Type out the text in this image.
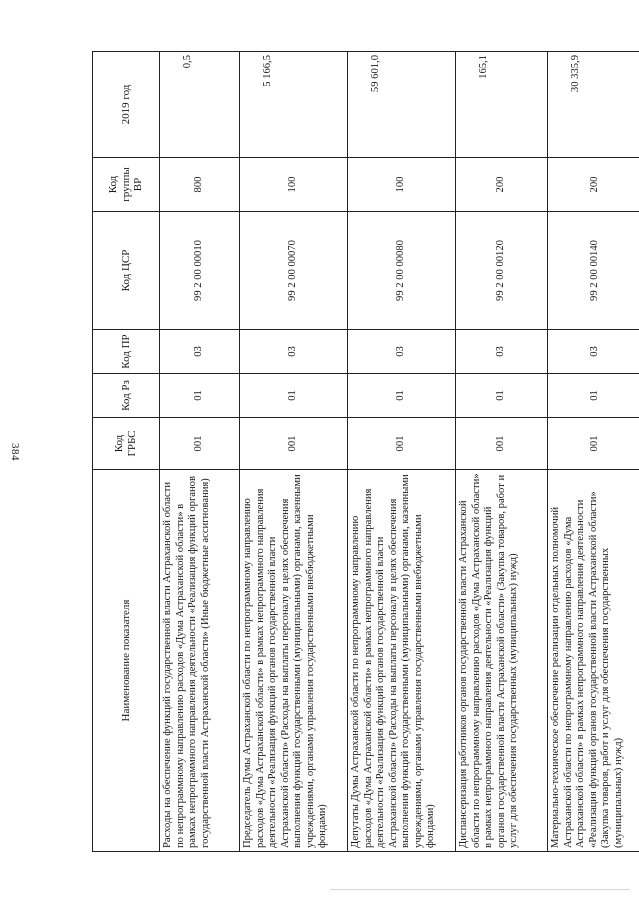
384
Наименование показателя	Код ГРБС	Код Рз	Код ПР	Код ЦСР	Код группы ВР	2019 год
Расходы на обеспечение функций государственной власти Астраханской области по непрограммному направлению расходов «Дума Астраханской области» в рамках непрограммного направления деятельности «Реализация функций органов государственной власти Астраханской области» (Иные бюджетные ассигнования)	001	01	03	99 2 00 00010	800	0,5
Председатель Думы Астраханской области по непрограммному направлению расходов «Дума Астраханской области» в рамках непрограммного направления деятельности «Реализация функций органов государственной власти Астраханской области» (Расходы на выплаты персоналу в целях обеспечения выполнения функций государственными (муниципальными) органами, казенными учреждениями, органами управления государственными внебюджетными фондами)	001	01	03	99 2 00 00070	100	5 166,5
Депутаты Думы Астраханской области по непрограммному направлению расходов «Дума Астраханской области» в рамках непрограммного направления деятельности «Реализация функций органов государственной власти Астраханской области» (Расходы на выплаты персоналу в целях обеспечения выполнения функций государственными (муниципальными) органами, казенными учреждениями, органами управления государственными внебюджетными фондами)	001	01	03	99 2 00 00080	100	59 601,0
Диспансеризация работников органов государственной власти Астраханской области по непрограммному направлению расходов «Дума Астраханской области» в рамках непрограммного направления деятельности «Реализация функций органов государственной власти Астраханской области» (Закупка товаров, работ и услуг для обеспечения государственных (муниципальных) нужд)	001	01	03	99 2 00 00120	200	165,1
Материально-техническое обеспечение реализации отдельных полномочий Астраханской области по непрограммному направлению расходов «Дума Астраханской области» в рамках непрограммного направления деятельности «Реализация функций органов государственной власти Астраханской области» (Закупка товаров, работ и услуг для обеспечения государственных (муниципальных) нужд)	001	01	03	99 2 00 00140	200	30 335,9
